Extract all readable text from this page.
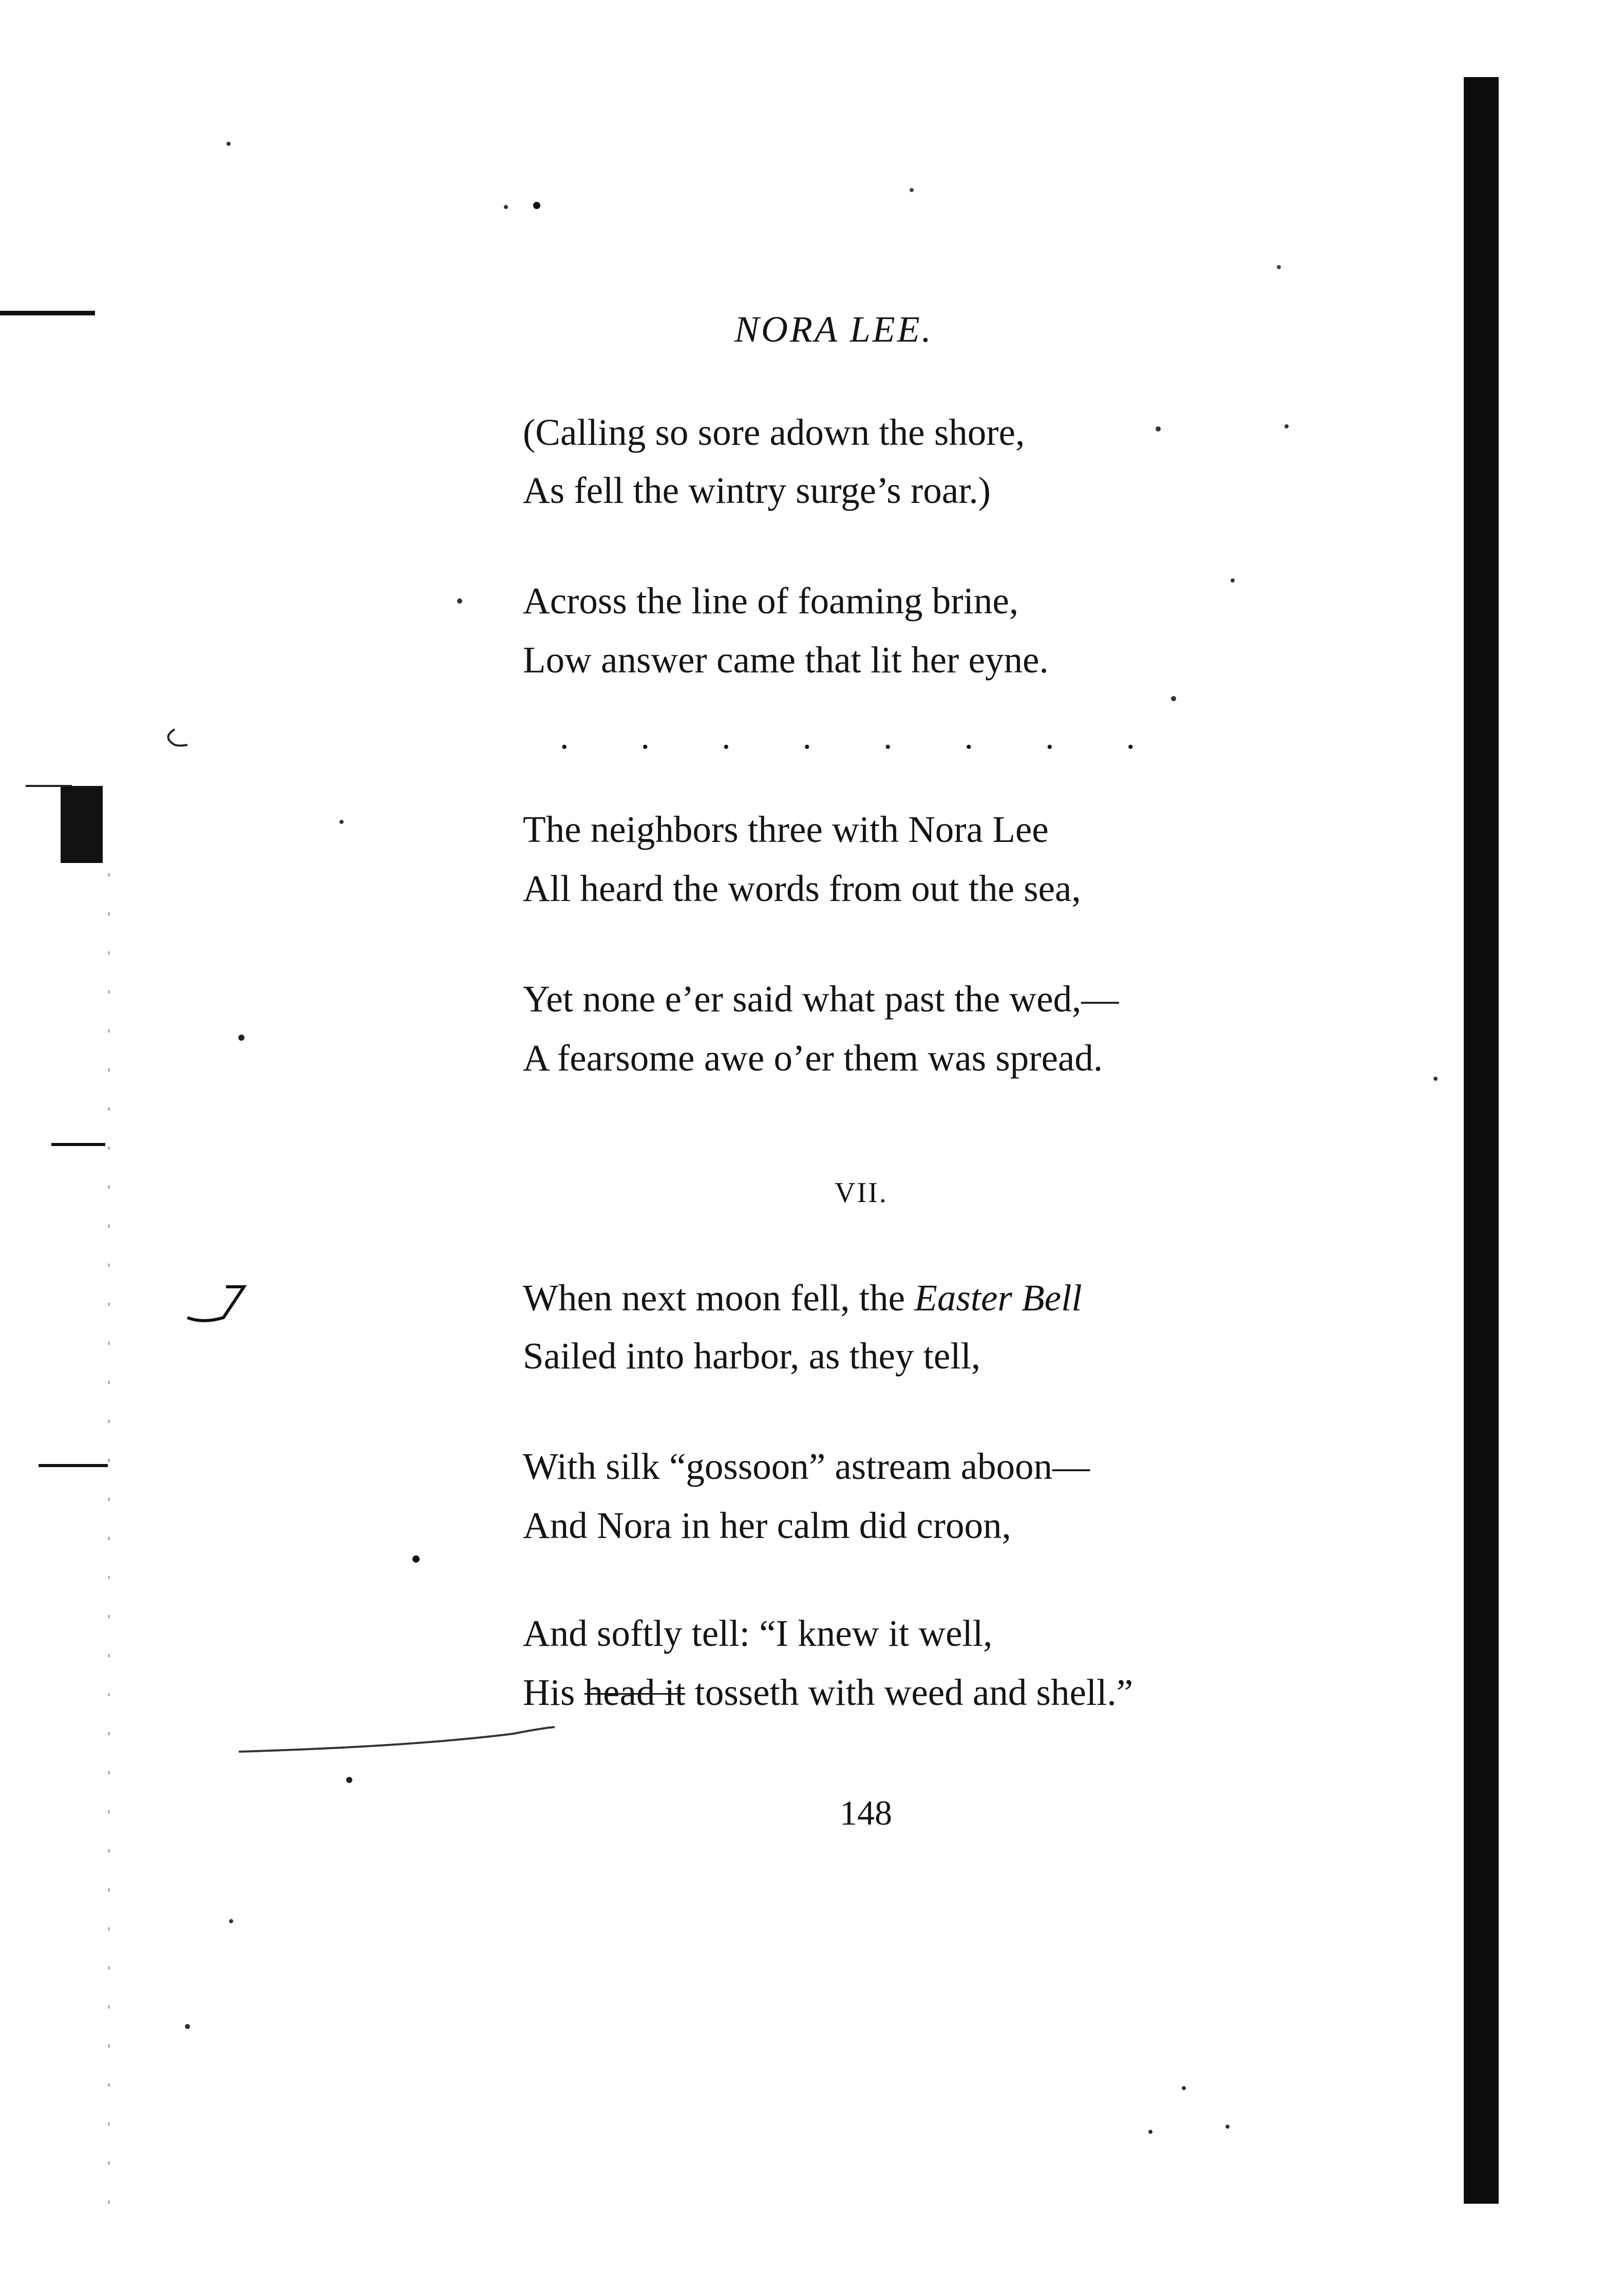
NORA LEE.
(Calling so sore adown the shore,
As fell the wintry surge’s roar.)
Across the line of foaming brine,
Low answer came that lit her eyne.
. . . . . . . .
The neighbors three with Nora Lee
All heard the words from out the sea,
Yet none e’er said what past the wed,—
A fearsome awe o’er them was spread.
VII.
When next moon fell, the Easter Bell
Sailed into harbor, as they tell,
With silk “gossoon” astream aboon—
And Nora in her calm did croon,
And softly tell: “I knew it well,
His head it tosseth with weed and shell.”
148
